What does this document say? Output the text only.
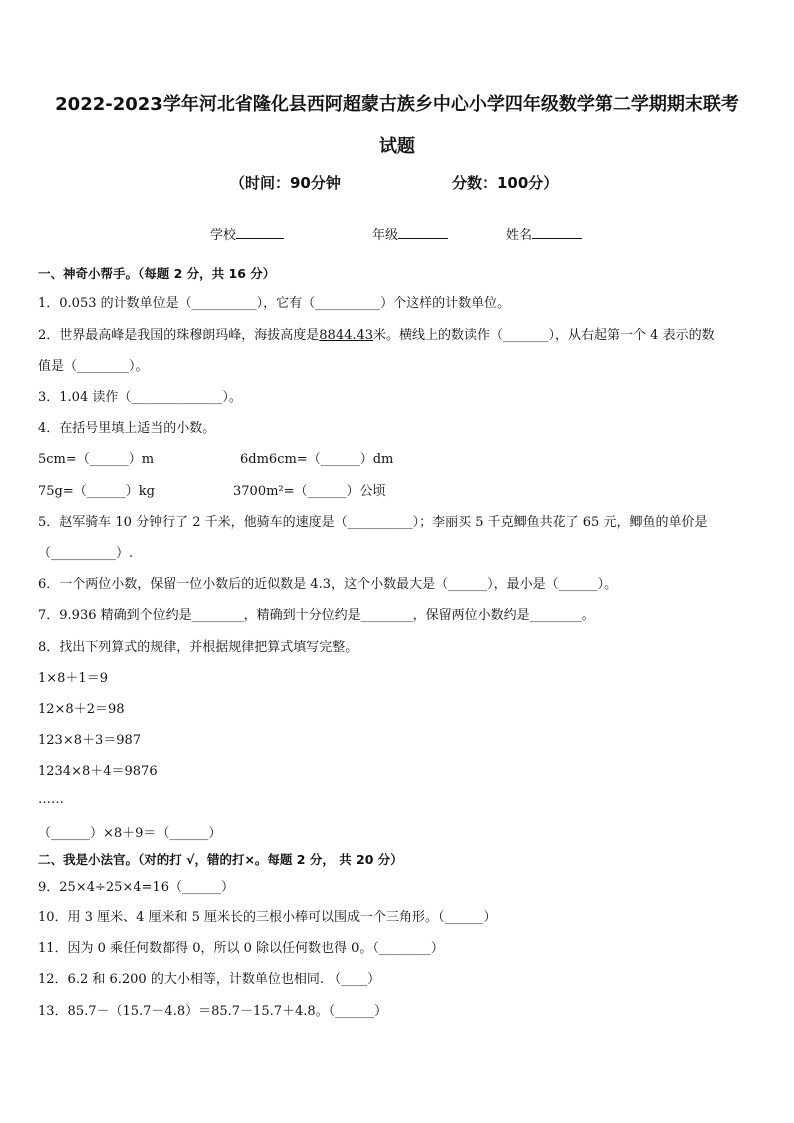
2022-2023学年河北省隆化县西阿超蒙古族乡中心小学四年级数学第二学期期末联考
试题
（时间：90分钟	分数：100分）
学校	年级	姓名
一、神奇小帮手。（每题 2 分，共 16 分）
1．0.053 的计数单位是（__________），它有（__________）个这样的计数单位。
2．世界最高峰是我国的珠穆朗玛峰，海拔高度是8844.43米。横线上的数读作（_______），从右起第一个 4 表示的数
值是（________）。
3．1.04 读作（______________）。
4．在括号里填上适当的小数。
5cm=（______）m	6dm6cm=（______）dm
75g=（______）kg	3700m²=（______）公顷
5．赵军骑车 10 分钟行了 2 千米，他骑车的速度是（__________）；李丽买 5 千克鲫鱼共花了 65 元，鲫鱼的单价是
（__________）.
6．一个两位小数，保留一位小数后的近似数是 4.3，这个小数最大是（______），最小是（______）。
7．9.936 精确到个位约是________，精确到十分位约是________，保留两位小数约是________。
8．找出下列算式的规律，并根据规律把算式填写完整。
1×8＋1＝9
12×8＋2＝98
123×8＋3＝987
1234×8＋4＝9876
……
（______）×8＋9＝（______）
二、我是小法官。（对的打 √，错的打×。每题 2 分， 共 20 分）
9．25×4÷25×4=16（______）
10．用 3 厘米、4 厘米和 5 厘米长的三根小棒可以围成一个三角形。（______）
11．因为 0 乘任何数都得 0，所以 0 除以任何数也得 0。（________）
12．6.2 和 6.200 的大小相等，计数单位也相同. （____）
13．85.7－（15.7－4.8）＝85.7－15.7＋4.8。（______）
